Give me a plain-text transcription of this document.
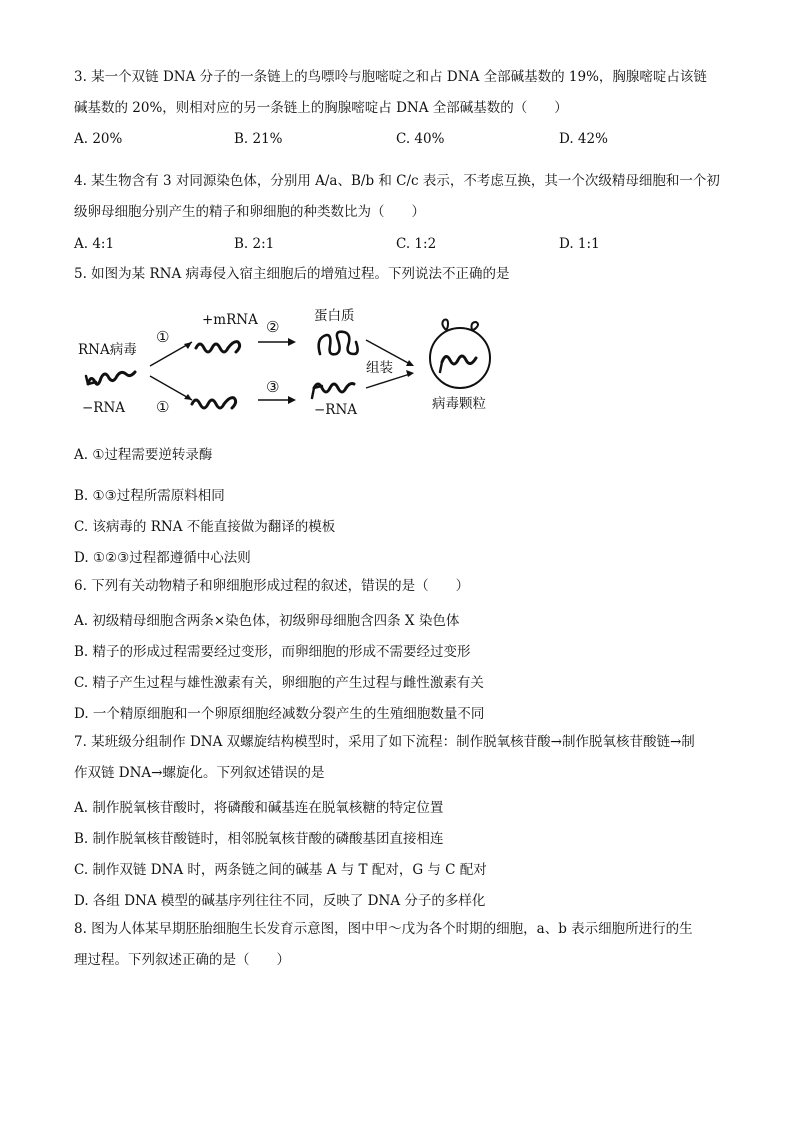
3. 某一个双链 DNA 分子的一条链上的鸟嘌呤与胞嘧啶之和占 DNA 全部碱基数的 19%，胸腺嘧啶占该链
碱基数的 20%，则相对应的另一条链上的胸腺嘧啶占 DNA 全部碱基数的（　　）
A. 20%	B. 21%	C. 40%	D. 42%
4. 某生物含有 3 对同源染色体，分别用 A/a、B/b 和 C/c 表示，不考虑互换，其一个次级精母细胞和一个初
级卵母细胞分别产生的精子和卵细胞的种类数比为（　　）
A. 4:1	B. 2:1	C. 1:2	D. 1:1
5. 如图为某 RNA 病毒侵入宿主细胞后的增殖过程。下列说法不正确的是
RNA病毒
−RNA
①
①
+mRNA ②
③
蛋白质
−RNA
组装
病毒颗粒
A. ①过程需要逆转录酶
B. ①③过程所需原料相同
C. 该病毒的 RNA 不能直接做为翻译的模板
D. ①②③过程都遵循中心法则
6. 下列有关动物精子和卵细胞形成过程的叙述，错误的是（　　）
A. 初级精母细胞含两条×染色体，初级卵母细胞含四条 X 染色体
B. 精子的形成过程需要经过变形，而卵细胞的形成不需要经过变形
C. 精子产生过程与雄性激素有关，卵细胞的产生过程与雌性激素有关
D. 一个精原细胞和一个卵原细胞经减数分裂产生的生殖细胞数量不同
7. 某班级分组制作 DNA 双螺旋结构模型时，采用了如下流程：制作脱氧核苷酸→制作脱氧核苷酸链→制
作双链 DNA→螺旋化。下列叙述错误的是
A. 制作脱氧核苷酸时，将磷酸和碱基连在脱氧核糖的特定位置
B. 制作脱氧核苷酸链时，相邻脱氧核苷酸的磷酸基团直接相连
C. 制作双链 DNA 时，两条链之间的碱基 A 与 T 配对，G 与 C 配对
D. 各组 DNA 模型的碱基序列往往不同，反映了 DNA 分子的多样化
8. 图为人体某早期胚胎细胞生长发育示意图，图中甲～戊为各个时期的细胞，a、b 表示细胞所进行的生
理过程。下列叙述正确的是（　　）
